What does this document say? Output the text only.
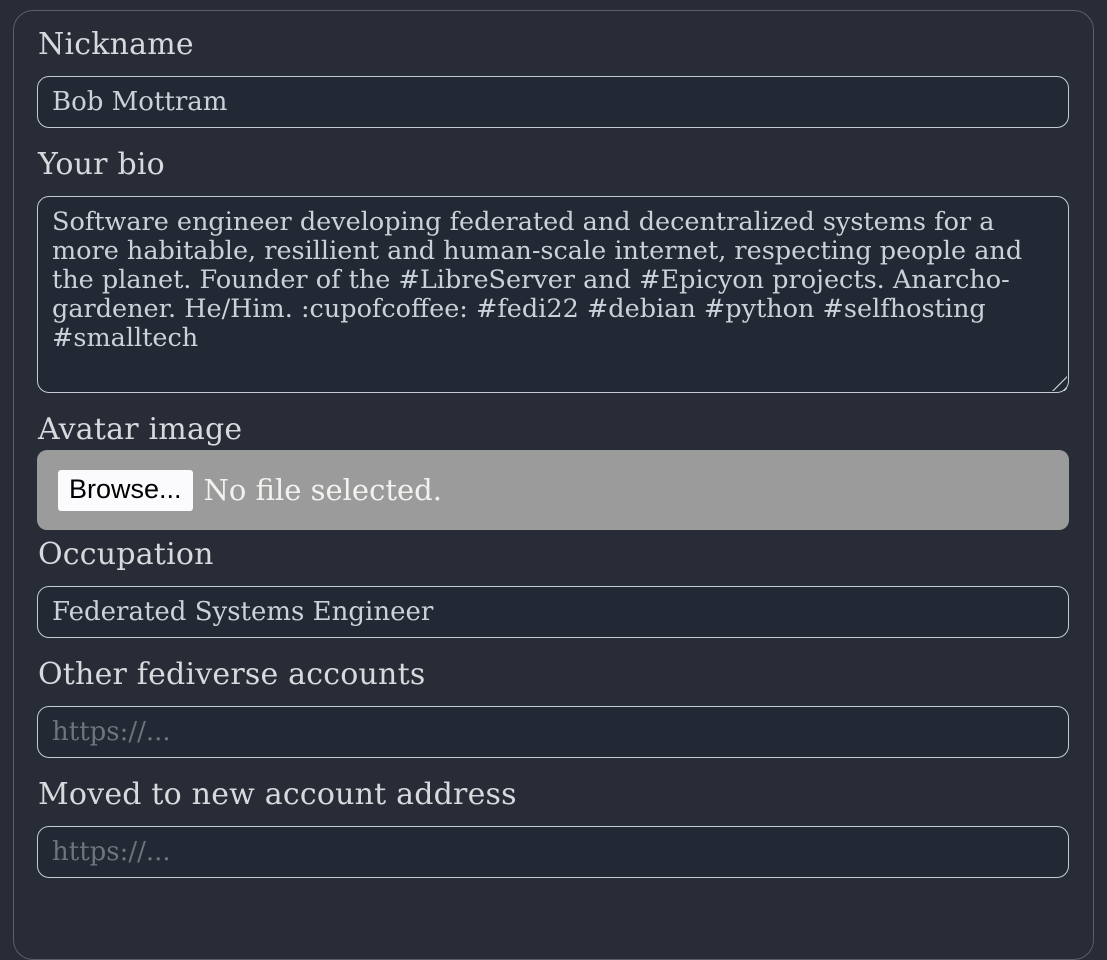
Nickname
Bob Mottram
Your bio
Software engineer developing federated and decentralized systems for a more habitable, resillient and human-scale internet, respecting people and the planet. Founder of the #LibreServer and #Epicyon projects. Anarcho-gardener. He/Him. :cupofcoffee: #fedi22 #debian #python #selfhosting #smalltech
Avatar image
Browse... No file selected.
Occupation
Federated Systems Engineer
Other fediverse accounts
https://...
Moved to new account address
https://...
